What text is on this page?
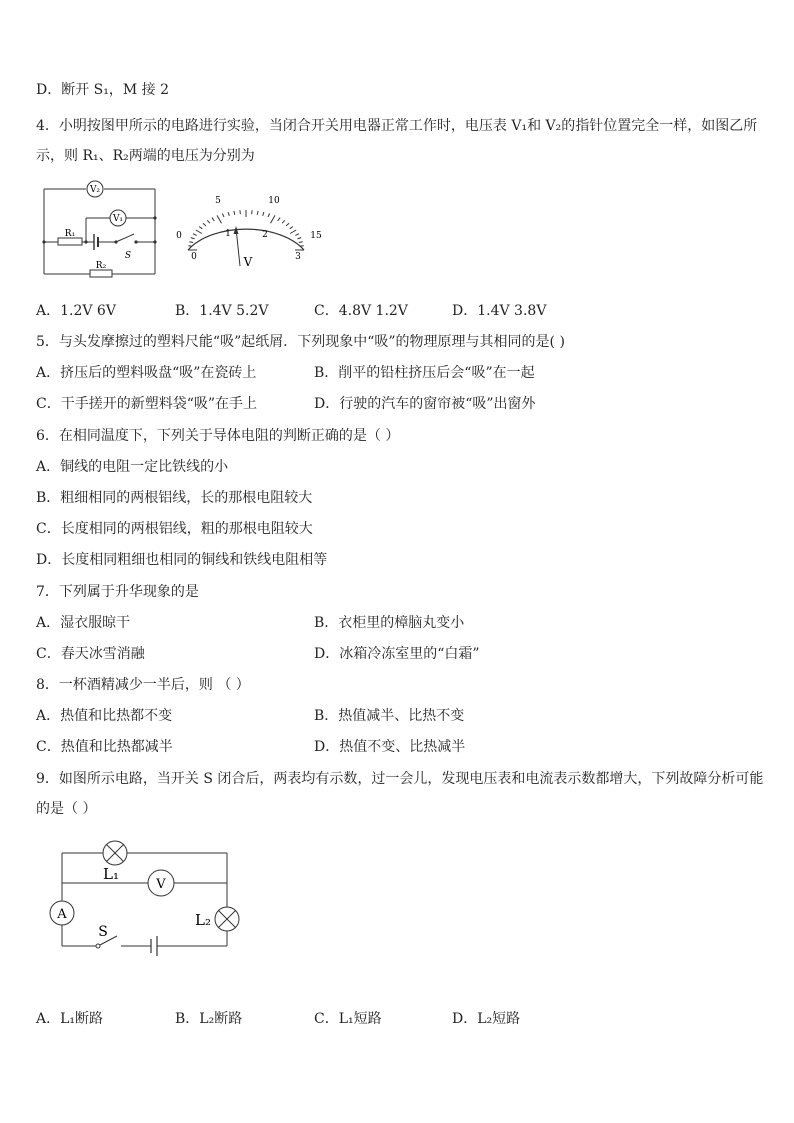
D．断开 S₁，M 接 2
4．小明按图甲所示的电路进行实验，当闭合开关用电器正常工作时，电压表 V₁和 V₂的指针位置完全一样，如图乙所
示，则 R₁、R₂两端的电压为分别为
V₂
V₁
R₁
R₂
S
0
5	10
15
0
1	2
3
V
A．1.2V 6V	B．1.4V 5.2V	C．4.8V 1.2V	D．1.4V 3.8V
5．与头发摩擦过的塑料尺能“吸”起纸屑．下列现象中“吸”的物理原理与其相同的是( )
A．挤压后的塑料吸盘“吸”在瓷砖上	B．削平的铅柱挤压后会“吸”在一起
C．干手搓开的新塑料袋“吸”在手上	D．行驶的汽车的窗帘被“吸”出窗外
6．在相同温度下，下列关于导体电阻的判断正确的是（ ）
A．铜线的电阻一定比铁线的小
B．粗细相同的两根铝线，长的那根电阻较大
C．长度相同的两根铝线，粗的那根电阻较大
D．长度相同粗细也相同的铜线和铁线电阻相等
7．下列属于升华现象的是
A．湿衣服晾干	B．衣柜里的樟脑丸变小
C．春天冰雪消融	D．冰箱冷冻室里的“白霜”
8．一杯酒精减少一半后，则 （ ）
A．热值和比热都不变	B．热值减半、比热不变
C．热值和比热都减半	D．热值不变、比热减半
9．如图所示电路，当开关 S 闭合后，两表均有示数，过一会儿，发现电压表和电流表示数都增大，下列故障分析可能
的是（ ）
L₁
V
A	L₂
S
A．L₁断路	B．L₂断路	C．L₁短路	D．L₂短路
